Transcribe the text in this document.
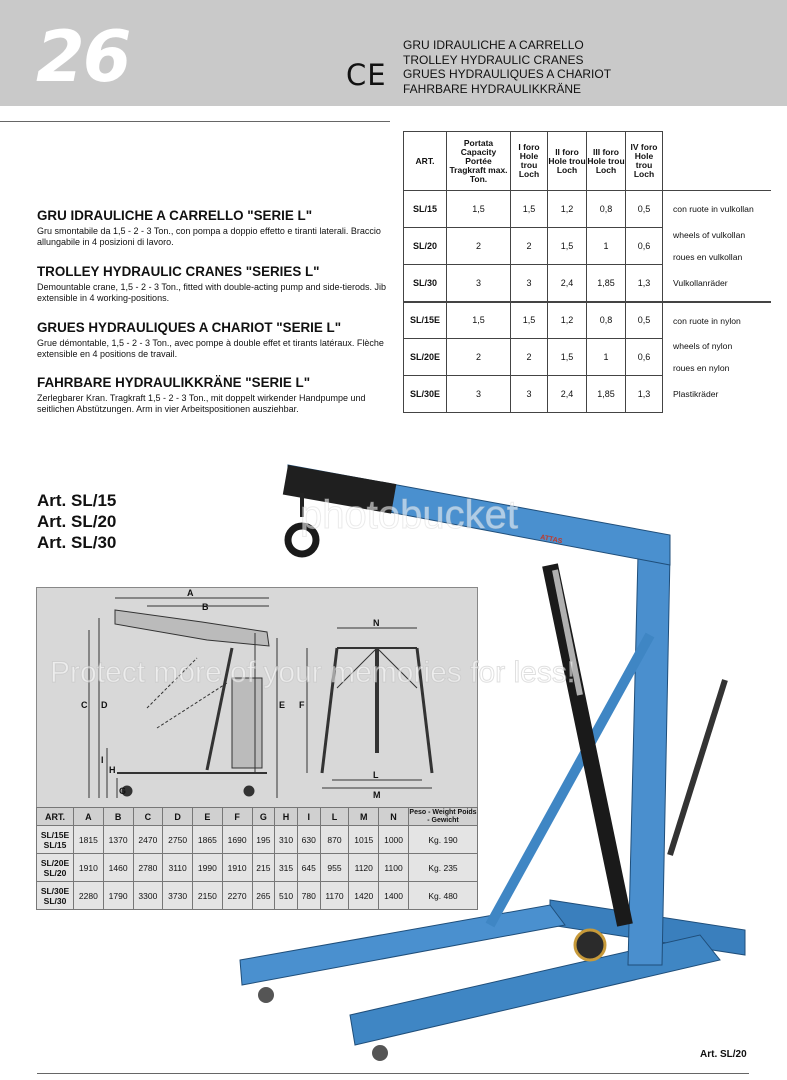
26	CE
GRU IDRAULICHE A CARRELLO
TROLLEY HYDRAULIC CRANES
GRUES HYDRAULIQUES A CHARIOT
FAHRBARE HYDRAULIKKRÄNE
GRU IDRAULICHE A CARRELLO "SERIE L"

Gru smontabile da 1,5 - 2 - 3 Ton., con pompa a doppio effetto e tiranti laterali. Braccio allungabile in 4 posizioni di lavoro.

TROLLEY HYDRAULIC CRANES "SERIES L"

Demountable crane, 1,5 - 2 - 3 Ton., fitted with double-acting pump and side-tierods. Jib extensible in 4 working-positions.

GRUES HYDRAULIQUES A CHARIOT "SERIE L"

Grue démontable, 1,5 - 2 - 3 Ton., avec pompe à double effet et tirants latéraux. Flèche extensible en 4 positions de travail.

FAHRBARE HYDRAULIKKRÄNE "SERIE L"

Zerlegbarer Kran. Tragkraft 1,5 - 2 - 3 Ton., mit doppelt wirkender Handpumpe und seitlichen Abstützungen. Arm in vier Arbeitspositionen ausziehbar.

ART.	Portata Capacity Portée Tragkraft max. Ton.	I foro Hole trou Loch	II foro Hole trou Loch	III foro Hole trou Loch	IV foro Hole trou Loch	
SL/15	1,5	1,5	1,2	0,8	0,5	con ruote in vulkollan
SL/20	2	2	1,5	1	0,6	wheels of vulkollan
roues en vulkollan

SL/30	3	3	2,4	1,85	1,3	Vulkollanräder
SL/15E	1,5	1,5	1,2	0,8	0,5	con ruote in nylon
SL/20E	2	2	1,5	1	0,6	wheels of nylon
roues en nylon

SL/30E	3	3	2,4	1,85	1,3	Plastikräder
Art. SL/15
Art. SL/20
Art. SL/30
A
B
C D	E F
G
H
I
L
M
N
ART.	A	B	C	D	E	F	G	H	I	L	M	N	Peso - Weight Poids - Gewicht
SL/15E SL/15	1815	1370	2470	2750	1865	1690	195	310	630	870	1015	1000	Kg. 190
SL/20E SL/20	1910	1460	2780	3110	1990	1910	215	315	645	955	1120	1100	Kg. 235
SL/30E SL/30	2280	1790	3300	3730	2150	2270	265	510	780	1170	1420	1400	Kg. 480
ATTAS
Art. SL/20
photobucket
Protect more of your memories for less!
